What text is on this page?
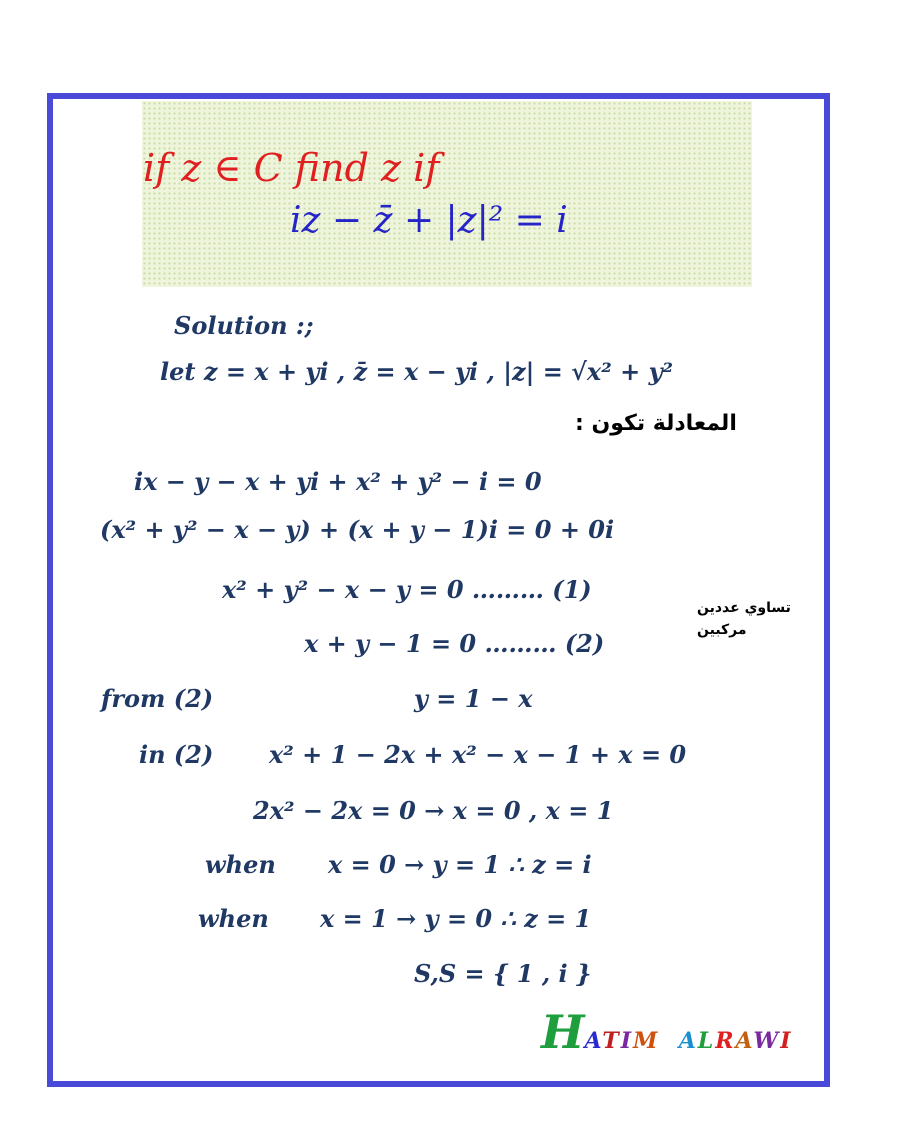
if z ∈ C find z if
iz − z̄ + |z|² = i
Solution :;
let z = x + yi , z̄ = x − yi , |z| = √x² + y²
المعادلة تكون :
ix − y − x + yi + x² + y² − i = 0
(x² + y² − x − y) + (x + y − 1)i = 0 + 0i
x² + y² − x − y = 0 ……… (1)
x + y − 1 = 0 ……… (2)
تساوي عددين
مركبين
from (2)	y = 1 − x
in (2) x² + 1 − 2x + x² − x − 1 + x = 0
2x² − 2x = 0 → x = 0 , x = 1
when x = 0 → y = 1 ∴ z = i
when x = 1 → y = 0 ∴ z = 1
S,S = { 1 , i }
HATIM ALRAWI
